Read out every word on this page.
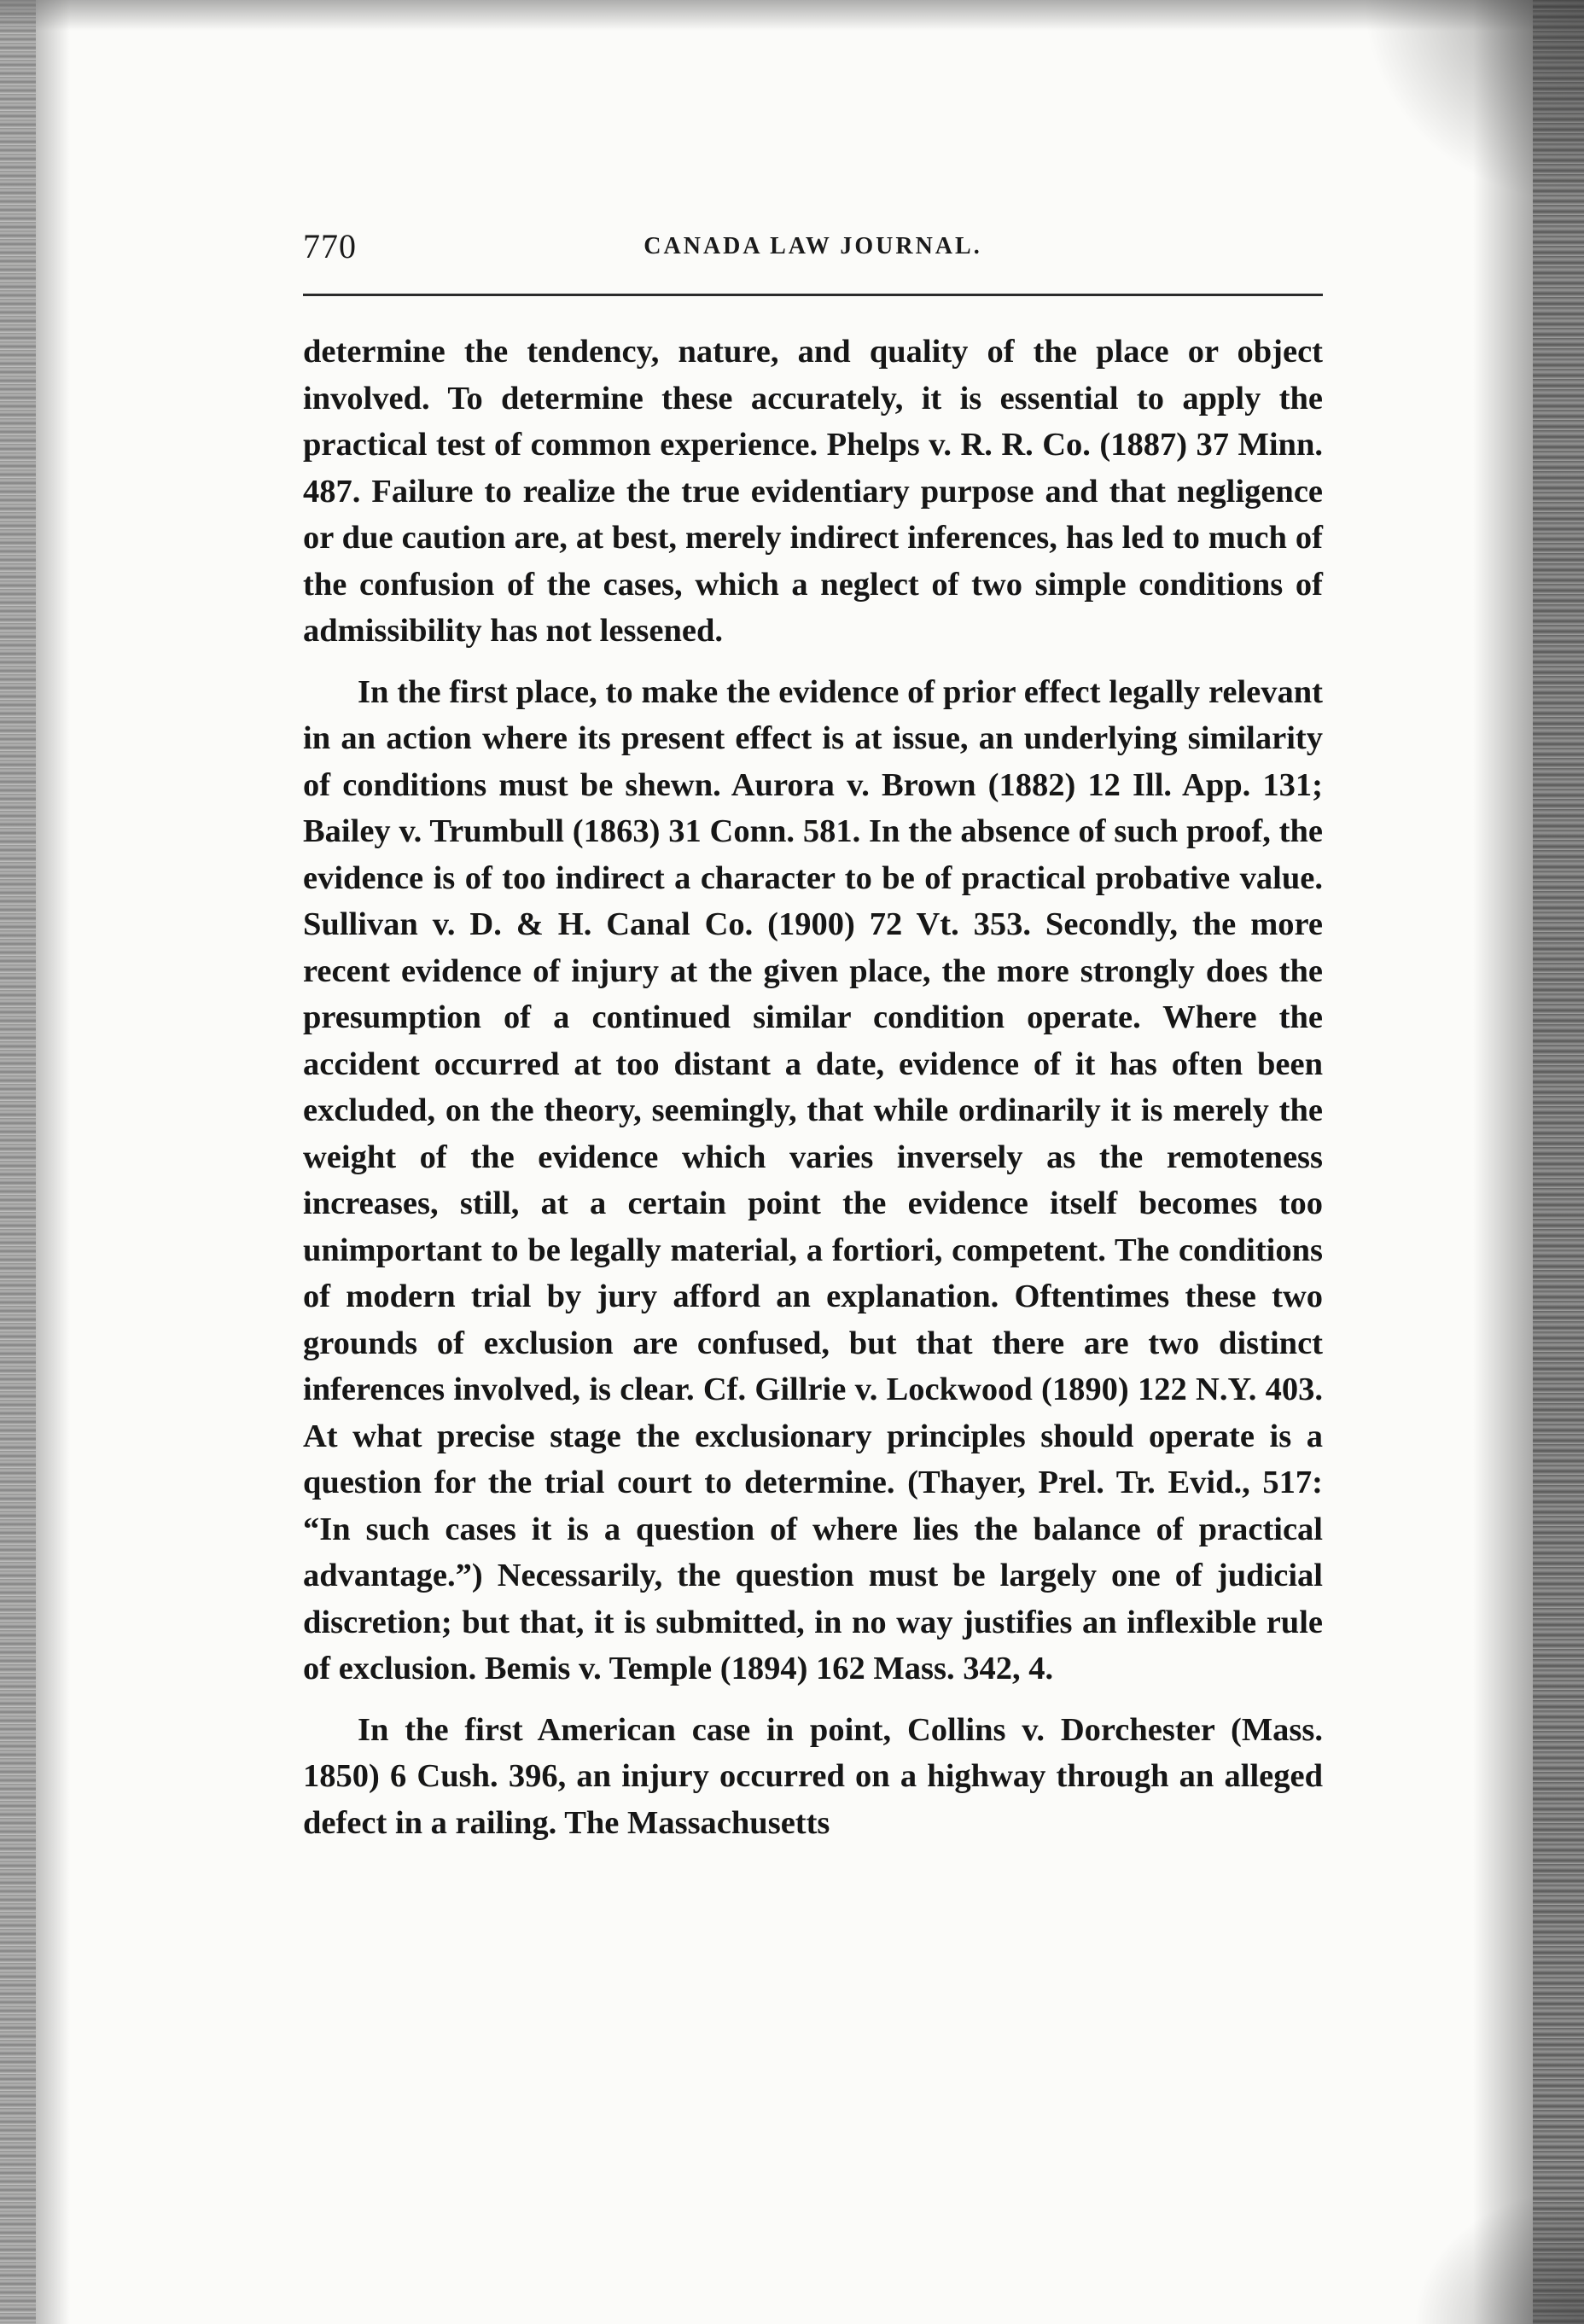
770	CANADA LAW JOURNAL.

determine the tendency, nature, and quality of the place or object involved. To determine these accurately, it is essential to apply the practical test of common experience. Phelps v. R. R. Co. (1887) 37 Minn. 487. Failure to realize the true evidentiary purpose and that negligence or due caution are, at best, merely indirect inferences, has led to much of the confusion of the cases, which a neglect of two simple conditions of admissibility has not lessened.

In the first place, to make the evidence of prior effect legally relevant in an action where its present effect is at issue, an underlying similarity of conditions must be shewn. Aurora v. Brown (1882) 12 Ill. App. 131; Bailey v. Trumbull (1863) 31 Conn. 581. In the absence of such proof, the evidence is of too indirect a character to be of practical probative value. Sullivan v. D. & H. Canal Co. (1900) 72 Vt. 353. Secondly, the more recent evidence of injury at the given place, the more strongly does the presumption of a continued similar condition operate. Where the accident occurred at too distant a date, evidence of it has often been excluded, on the theory, seemingly, that while ordinarily it is merely the weight of the evidence which varies inversely as the remoteness increases, still, at a certain point the evidence itself becomes too unimportant to be legally material, a fortiori, competent. The conditions of modern trial by jury afford an explanation. Oftentimes these two grounds of exclusion are confused, but that there are two distinct inferences involved, is clear. Cf. Gillrie v. Lockwood (1890) 122 N.Y. 403. At what precise stage the exclusionary principles should operate is a question for the trial court to determine. (Thayer, Prel. Tr. Evid., 517: “In such cases it is a question of where lies the balance of practical advantage.”) Necessarily, the question must be largely one of judicial discretion; but that, it is submitted, in no way justifies an inflexible rule of exclusion. Bemis v. Temple (1894) 162 Mass. 342, 4.

In the first American case in point, Collins v. Dorchester (Mass. 1850) 6 Cush. 396, an injury occurred on a highway through an alleged defect in a railing. The Massachusetts
